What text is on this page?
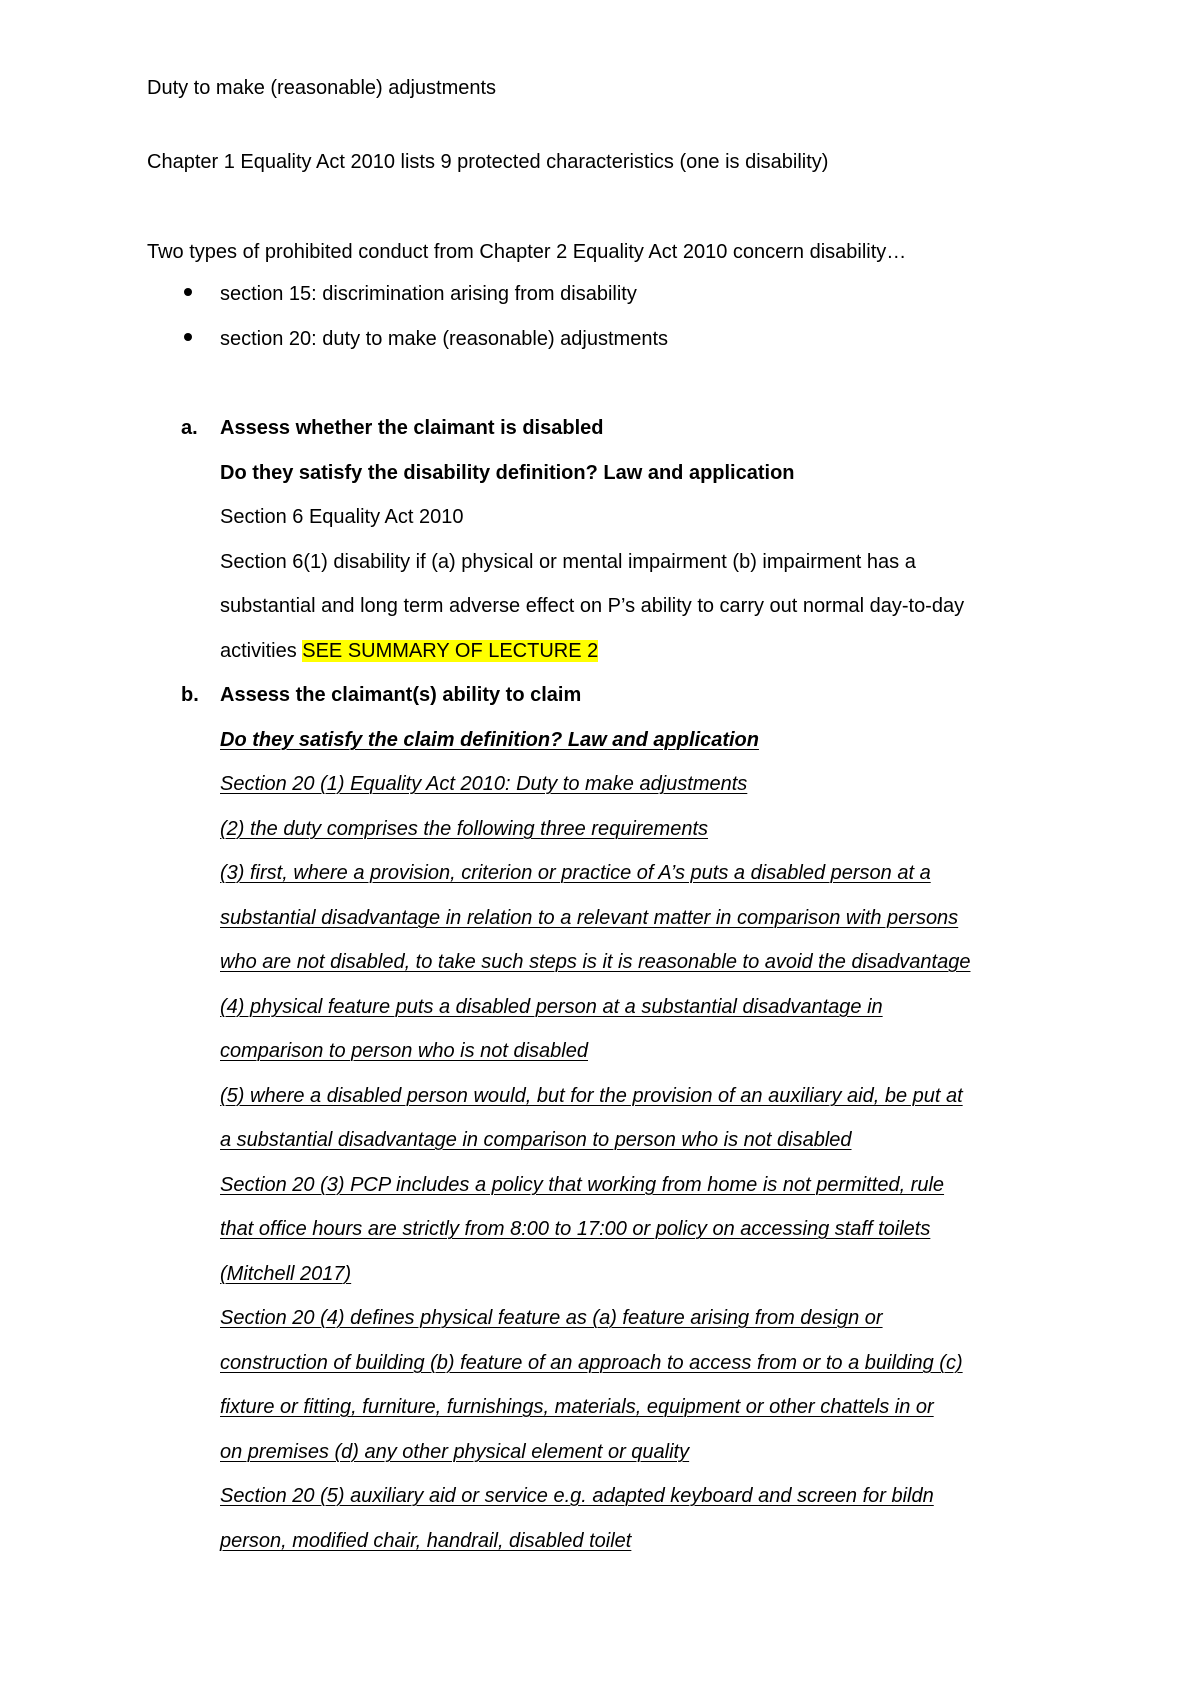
Duty to make (reasonable) adjustments
Chapter 1 Equality Act 2010 lists 9 protected characteristics (one is disability)
Two types of prohibited conduct from Chapter 2 Equality Act 2010 concern disability…
section 15: discrimination arising from disability
section 20: duty to make (reasonable) adjustments
a. Assess whether the claimant is disabled
Do they satisfy the disability definition? Law and application
Section 6 Equality Act 2010
Section 6(1) disability if (a) physical or mental impairment (b) impairment has a
substantial and long term adverse effect on P’s ability to carry out normal day-to-day
activities SEE SUMMARY OF LECTURE 2
b. Assess the claimant(s) ability to claim
Do they satisfy the claim definition? Law and application
Section 20 (1) Equality Act 2010: Duty to make adjustments
(2) the duty comprises the following three requirements
(3) first, where a provision, criterion or practice of A’s puts a disabled person at a
substantial disadvantage in relation to a relevant matter in comparison with persons
who are not disabled, to take such steps is it is reasonable to avoid the disadvantage
(4) physical feature puts a disabled person at a substantial disadvantage in
comparison to person who is not disabled
(5) where a disabled person would, but for the provision of an auxiliary aid, be put at
a substantial disadvantage in comparison to person who is not disabled
Section 20 (3) PCP includes a policy that working from home is not permitted, rule
that office hours are strictly from 8:00 to 17:00 or policy on accessing staff toilets
(Mitchell 2017)
Section 20 (4) defines physical feature as (a) feature arising from design or
construction of building (b) feature of an approach to access from or to a building (c)
fixture or fitting, furniture, furnishings, materials, equipment or other chattels in or
on premises (d) any other physical element or quality
Section 20 (5) auxiliary aid or service e.g. adapted keyboard and screen for bildn
person, modified chair, handrail, disabled toilet
